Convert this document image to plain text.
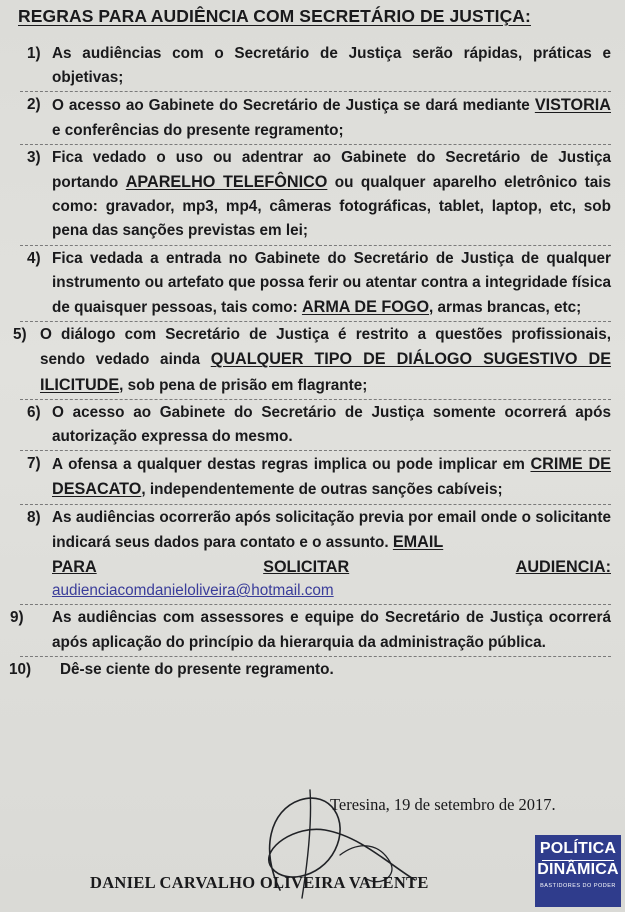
REGRAS PARA AUDIÊNCIA COM SECRETÁRIO DE JUSTIÇA:
1) As audiências com o Secretário de Justiça serão rápidas, práticas e objetivas;
2) O acesso ao Gabinete do Secretário de Justiça se dará mediante VISTORIA e conferências do presente regramento;
3) Fica vedado o uso ou adentrar ao Gabinete do Secretário de Justiça portando APARELHO TELEFÔNICO ou qualquer aparelho eletrônico tais como: gravador, mp3, mp4, câmeras fotográficas, tablet, laptop, etc, sob pena das sanções previstas em lei;
4) Fica vedada a entrada no Gabinete do Secretário de Justiça de qualquer instrumento ou artefato que possa ferir ou atentar contra a integridade física de quaisquer pessoas, tais como: ARMA DE FOGO, armas brancas, etc;
5) O diálogo com Secretário de Justiça é restrito a questões profissionais, sendo vedado ainda QUALQUER TIPO DE DIÁLOGO SUGESTIVO DE ILICITUDE, sob pena de prisão em flagrante;
6) O acesso ao Gabinete do Secretário de Justiça somente ocorrerá após autorização expressa do mesmo.
7) A ofensa a qualquer destas regras implica ou pode implicar em CRIME DE DESACATO, independentemente de outras sanções cabíveis;
8) As audiências ocorrerão após solicitação previa por email onde o solicitante indicará seus dados para contato e o assunto. EMAIL
PARA	SOLICITAR	AUDIENCIA:
audienciacomdanieloliveira@hotmail.com
9) As audiências com assessores e equipe do Secretário de Justiça ocorrerá após aplicação do princípio da hierarquia da administração pública.
10) Dê-se ciente do presente regramento.
Teresina, 19 de setembro de 2017.
DANIEL CARVALHO OLIVEIRA VALENTE
POLÍTICA
DINÂMICA
BASTIDORES DO PODER
